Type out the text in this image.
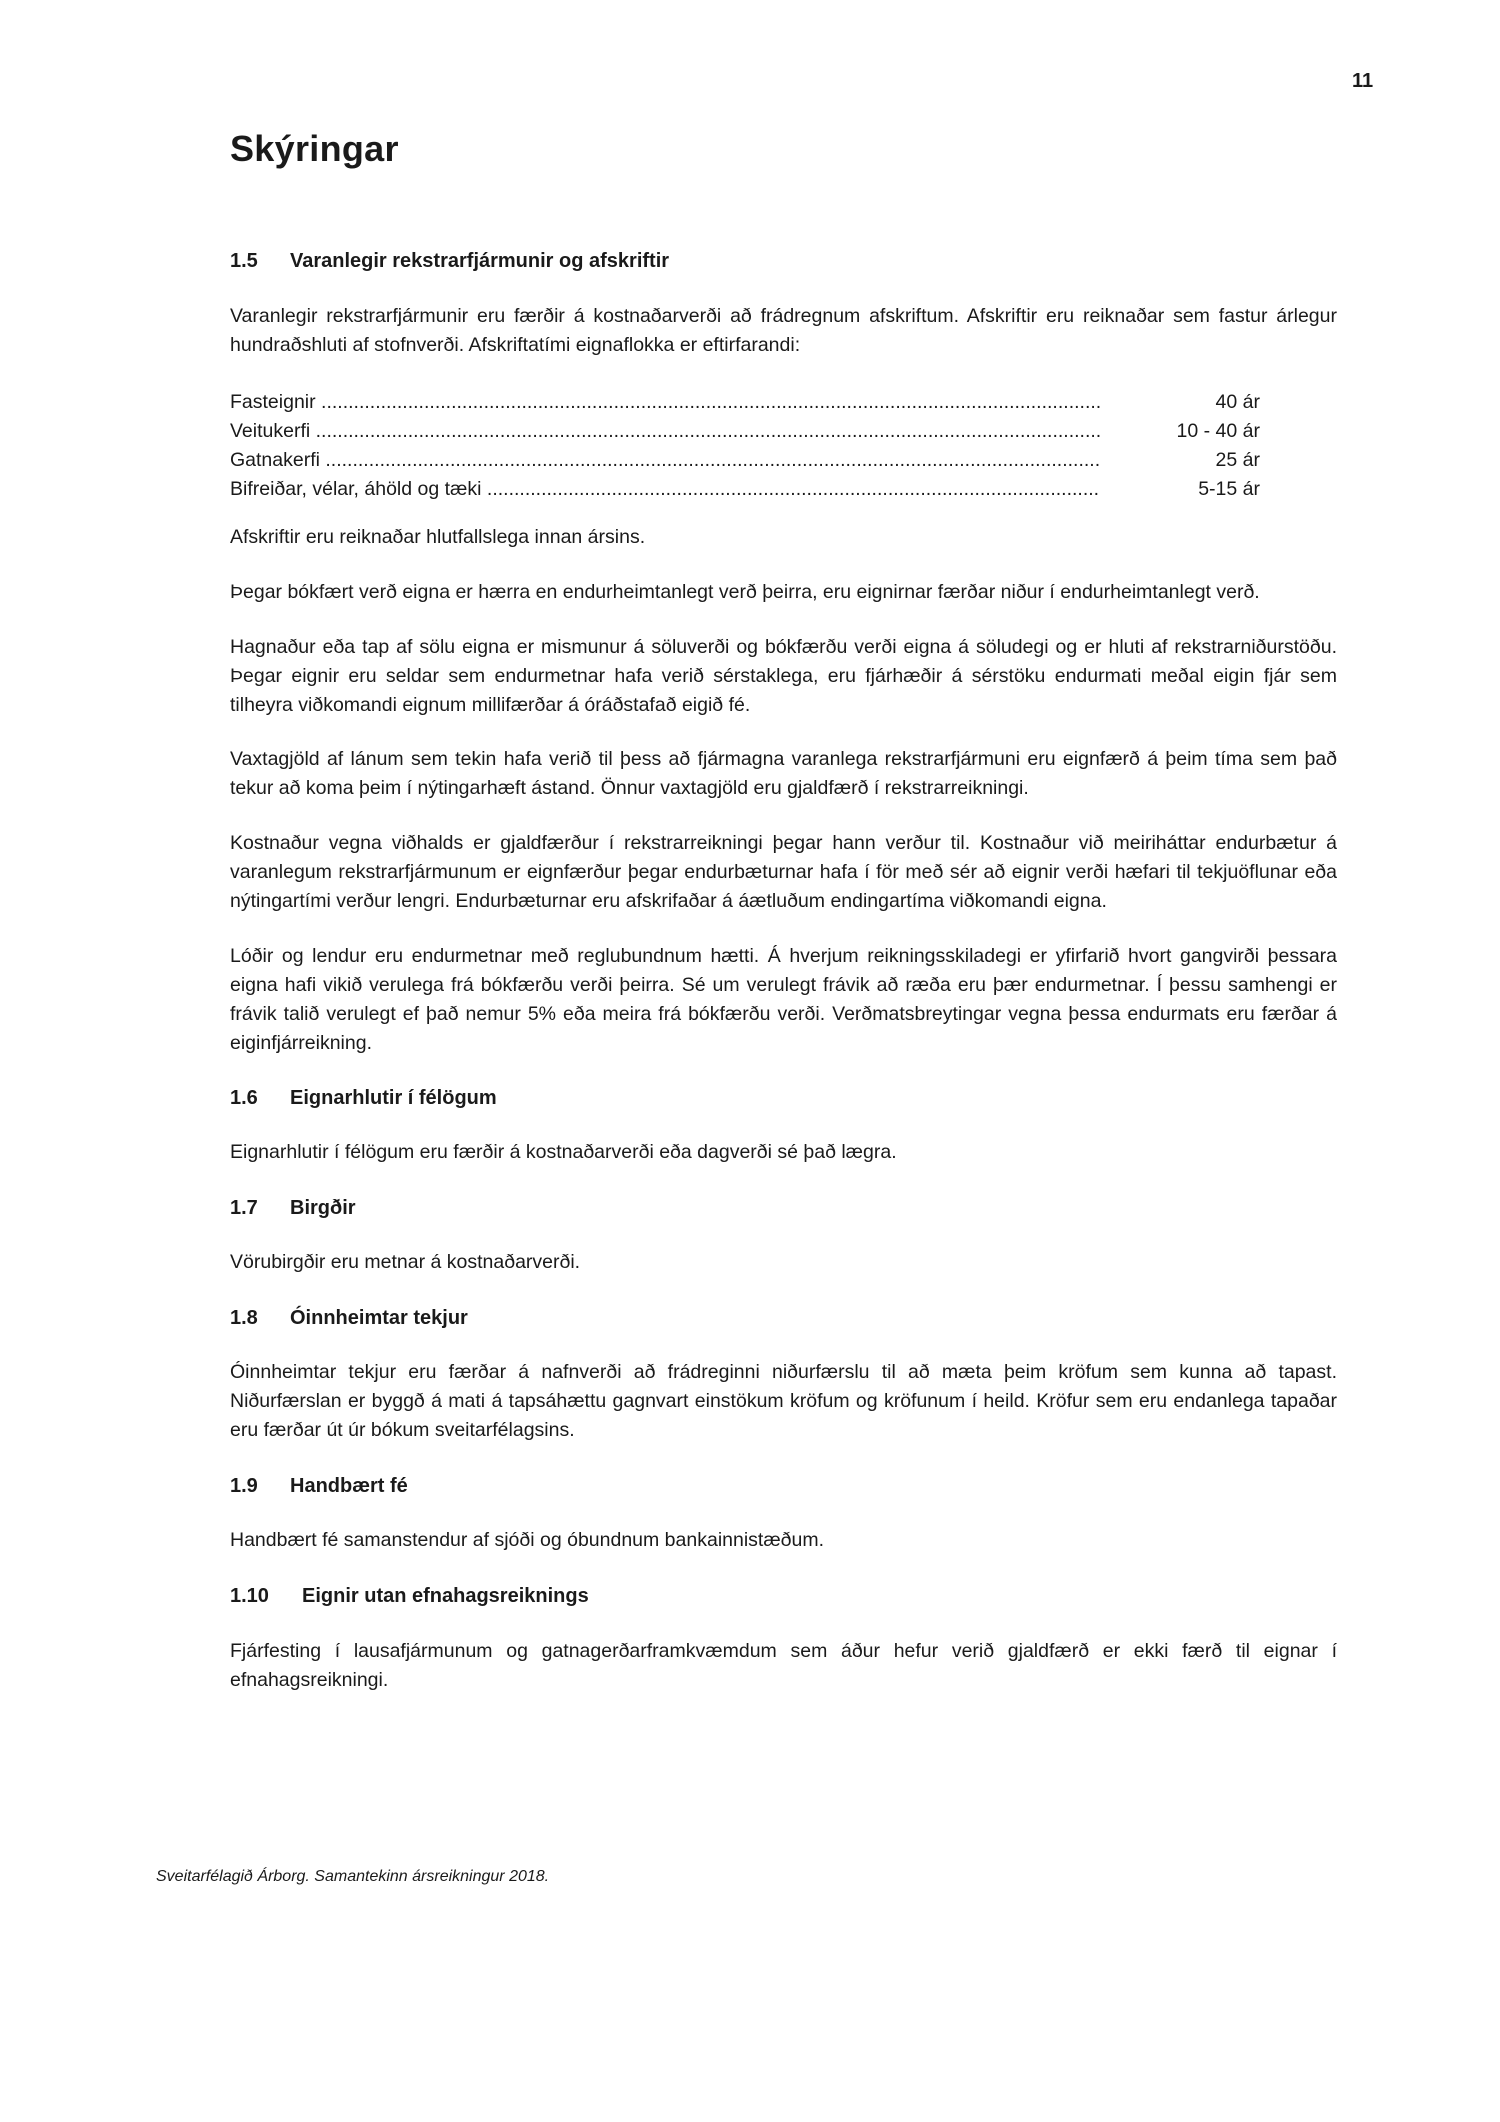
11
Skýringar
1.5 Varanlegir rekstrarfjármunir og afskriftir

Varanlegir rekstrarfjármunir eru færðir á kostnaðarverði að frádregnum afskriftum. Afskriftir eru reiknaðar sem fastur árlegur hundraðshluti af stofnverði. Afskriftatími eignaflokka er eftirfarandi:

Fasteignir .....	40 ár
Veitukerfi .....	10 - 40 ár
Gatnakerfi .....	25 ár
Bifreiðar, vélar, áhöld og tæki .....	5-15 ár

Afskriftir eru reiknaðar hlutfallslega innan ársins.

Þegar bókfært verð eigna er hærra en endurheimtanlegt verð þeirra, eru eignirnar færðar niður í endurheimtanlegt verð.

Hagnaður eða tap af sölu eigna er mismunur á söluverði og bókfærðu verði eigna á söludegi og er hluti af rekstrarniðurstöðu. Þegar eignir eru seldar sem endurmetnar hafa verið sérstaklega, eru fjárhæðir á sérstöku endurmati meðal eigin fjár sem tilheyra viðkomandi eignum millifærðar á óráðstafað eigið fé.

Vaxtagjöld af lánum sem tekin hafa verið til þess að fjármagna varanlega rekstrarfjármuni eru eignfærð á þeim tíma sem það tekur að koma þeim í nýtingarhæft ástand. Önnur vaxtagjöld eru gjaldfærð í rekstrarreikningi.

Kostnaður vegna viðhalds er gjaldfærður í rekstrarreikningi þegar hann verður til. Kostnaður við meiriháttar endurbætur á varanlegum rekstrarfjármunum er eignfærður þegar endurbæturnar hafa í för með sér að eignir verði hæfari til tekjuöflunar eða nýtingartími verður lengri. Endurbæturnar eru afskrifaðar á áætluðum endingartíma viðkomandi eigna.

Lóðir og lendur eru endurmetnar með reglubundnum hætti. Á hverjum reikningsskiladegi er yfirfarið hvort gangvirði þessara eigna hafi vikið verulega frá bókfærðu verði þeirra. Sé um verulegt frávik að ræða eru þær endurmetnar. Í þessu samhengi er frávik talið verulegt ef það nemur 5% eða meira frá bókfærðu verði. Verðmatsbreytingar vegna þessa endurmats eru færðar á eiginfjárreikning.

1.6 Eignarhlutir í félögum

Eignarhlutir í félögum eru færðir á kostnaðarverði eða dagverði sé það lægra.

1.7 Birgðir

Vörubirgðir eru metnar á kostnaðarverði.

1.8 Óinnheimtar tekjur

Óinnheimtar tekjur eru færðar á nafnverði að frádreginni niðurfærslu til að mæta þeim kröfum sem kunna að tapast. Niðurfærslan er byggð á mati á tapsáhættu gagnvart einstökum kröfum og kröfunum í heild. Kröfur sem eru endanlega tapaðar eru færðar út úr bókum sveitarfélagsins.

1.9 Handbært fé

Handbært fé samanstendur af sjóði og óbundnum bankainnistæðum.

1.10 Eignir utan efnahagsreiknings

Fjárfesting í lausafjármunum og gatnagerðarframkvæmdum sem áður hefur verið gjaldfærð er ekki færð til eignar í efnahagsreikningi.

Sveitarfélagið Árborg. Samantekinn ársreikningur 2018.
